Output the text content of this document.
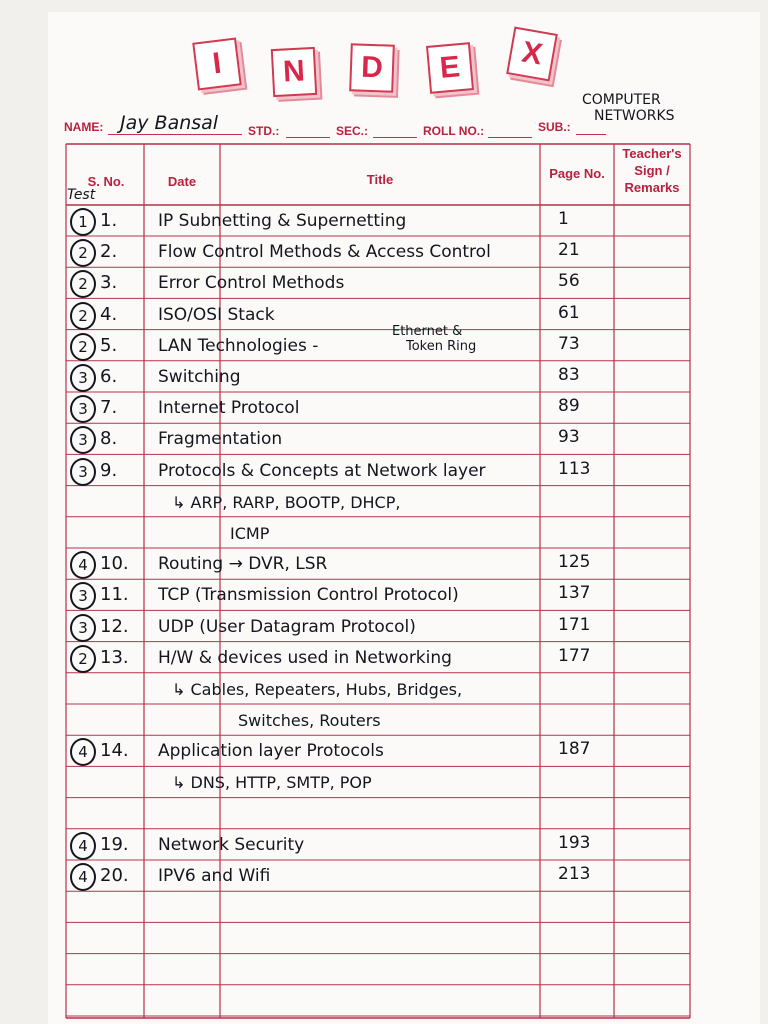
I N D E X
NAME: Jay Bansal STD.:	SEC.:	ROLL NO.:	SUB.:
COMPUTER
NETWORKS
S. No.
Test
Date	Title	Page No.
Teacher's
Sign /
Remarks
1 1. IP Subnetting & Supernetting	1
2 2. Flow Control Methods & Access Control	21
2 3. Error Control Methods	56
2 4. ISO/OSI Stack	61
2 5. LAN Technologies -	73
Ethernet &
Token Ring
3 6. Switching	83
3 7. Internet Protocol	89
3 8. Fragmentation	93
3 9. Protocols & Concepts at Network layer	113
↳ ARP, RARP, BOOTP, DHCP,
ICMP
4 10. Routing → DVR, LSR	125
3 11. TCP (Transmission Control Protocol)	137
3 12. UDP (User Datagram Protocol)	171
2 13. H/W & devices used in Networking	177
↳ Cables, Repeaters, Hubs, Bridges,
Switches, Routers
4 14. Application layer Protocols	187
↳ DNS, HTTP, SMTP, POP
4 19. Network Security	193
4 20. IPV6 and Wifi	213
